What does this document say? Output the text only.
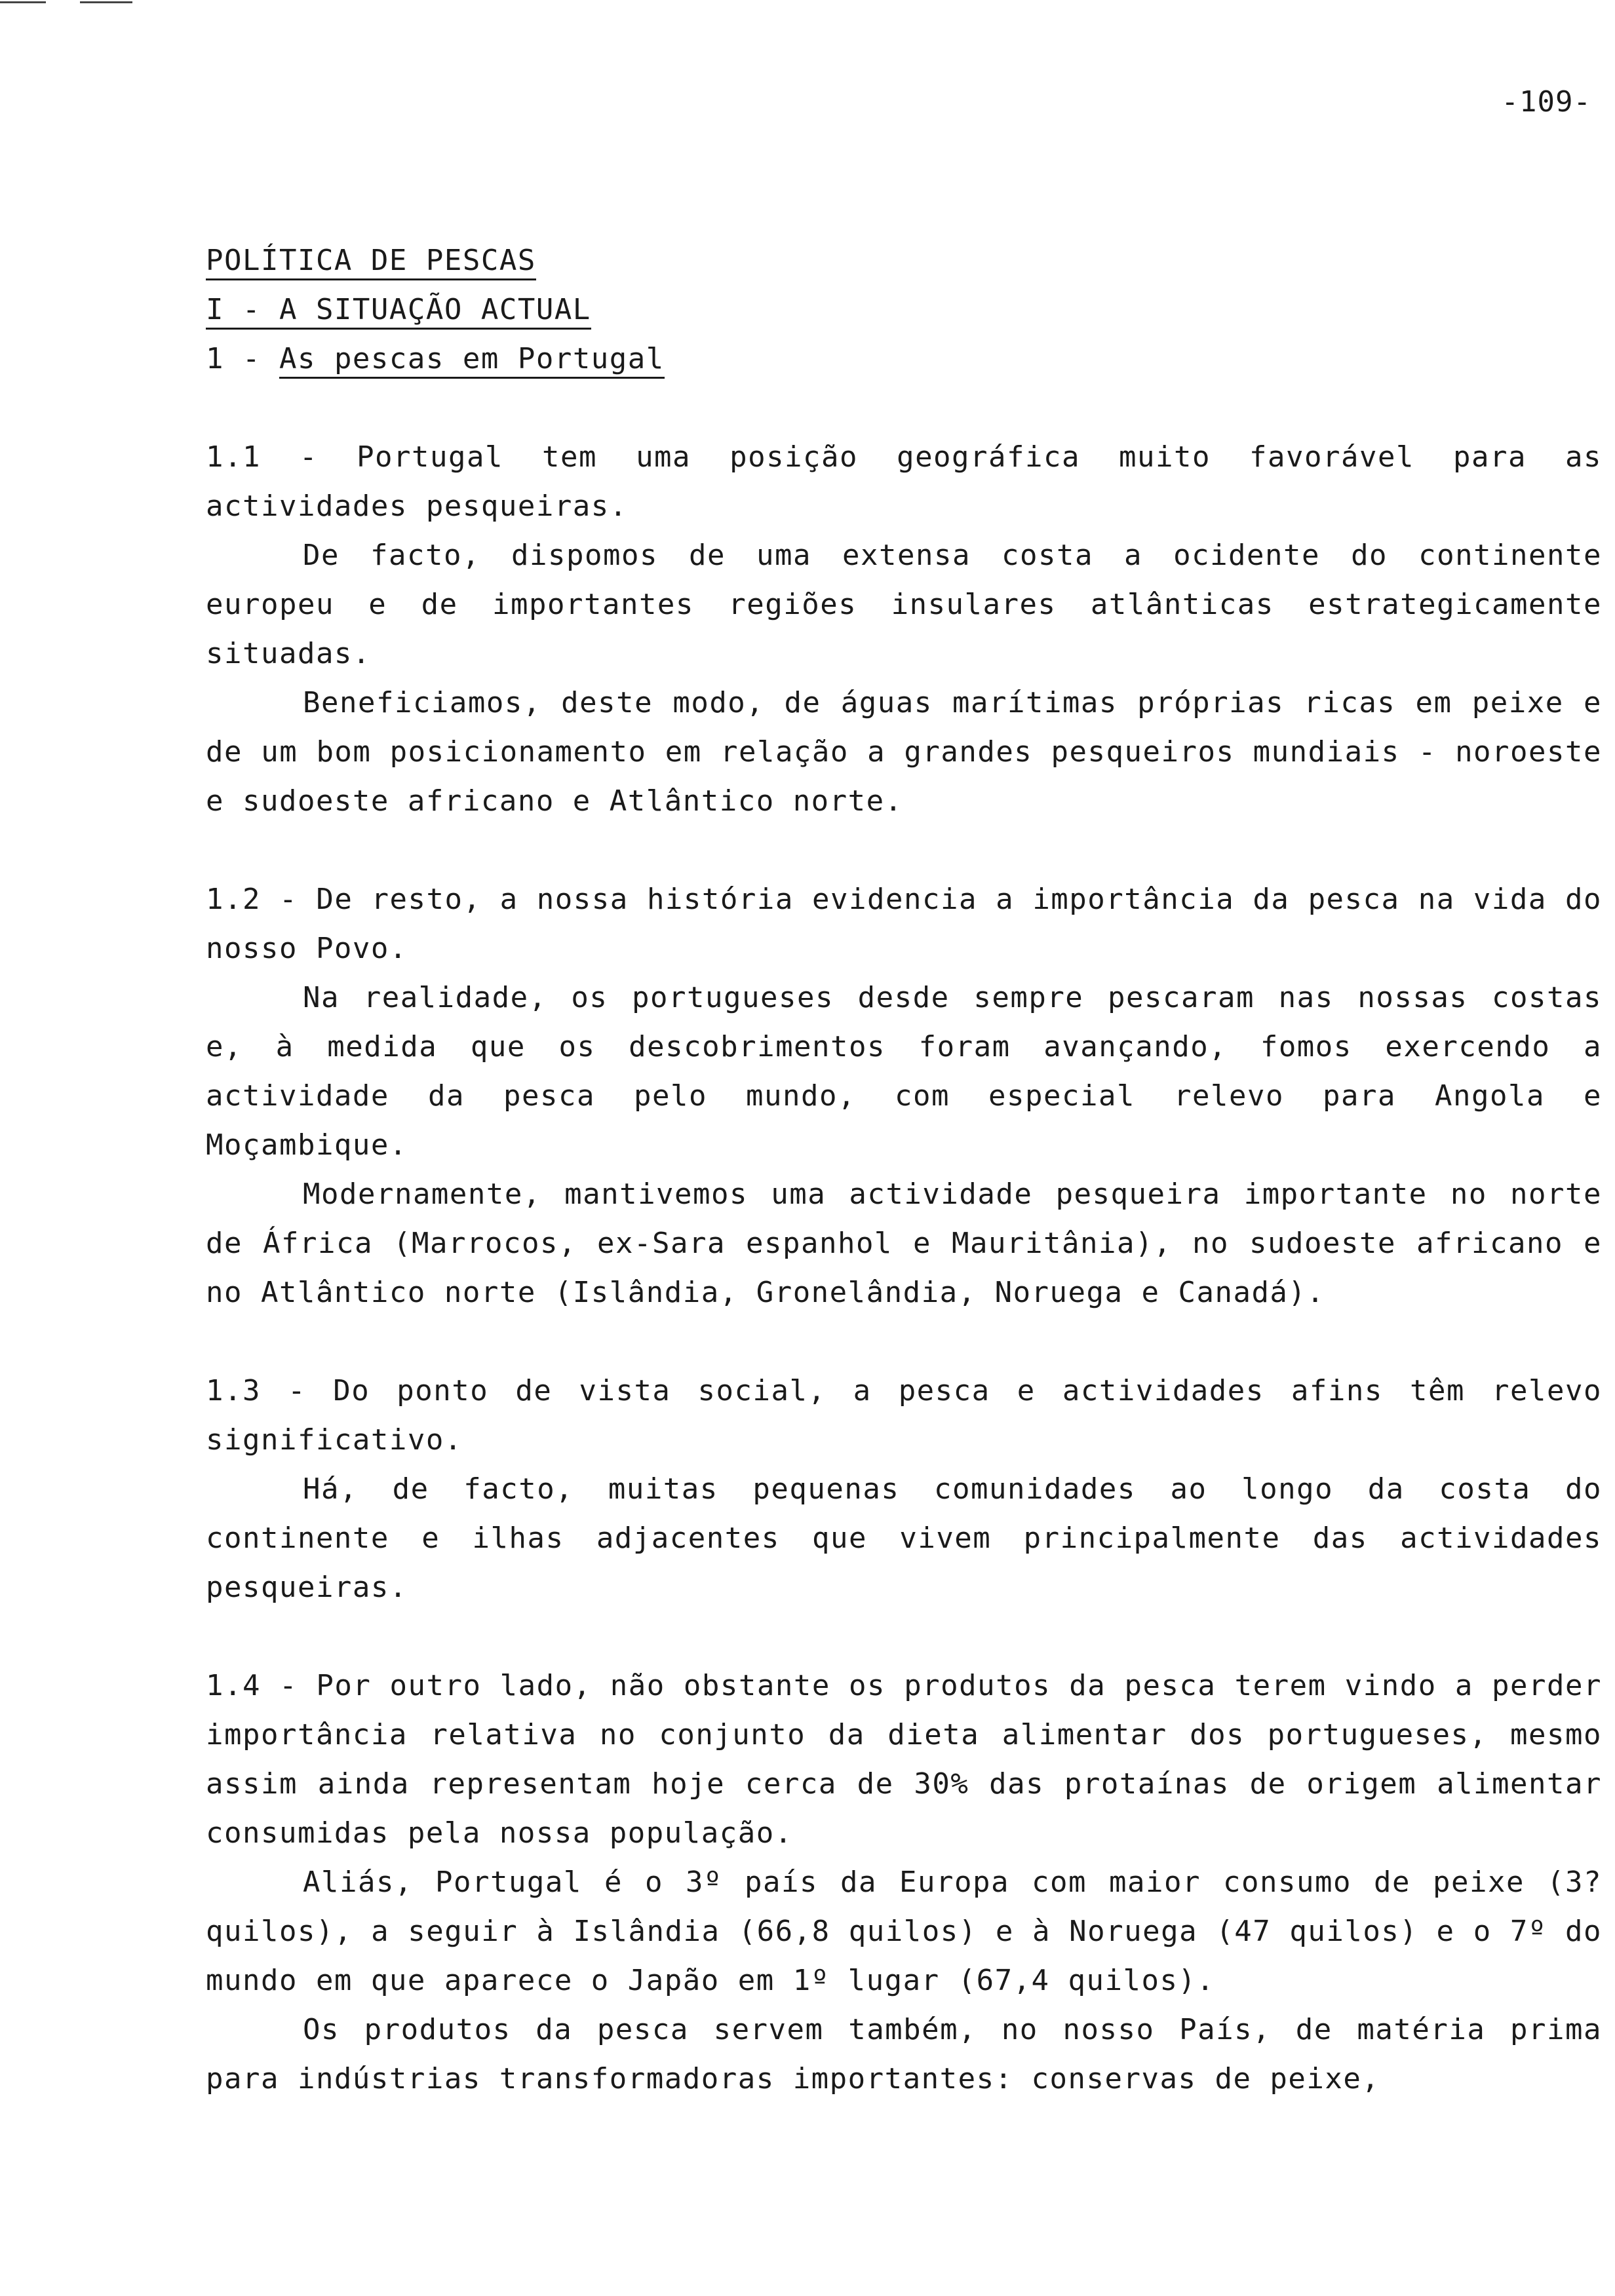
-109-
POLÍTICA DE PESCAS
I - A SITUAÇÃO ACTUAL
1 - As pescas em Portugal

1.1 - Portugal tem uma posição geográfica muito favorável para as actividades pesqueiras.

De facto, dispomos de uma extensa costa a ocidente do continente europeu e de importantes regiões insulares atlânticas estrategicamente situadas.

Beneficiamos, deste modo, de águas marítimas próprias ricas em peixe e de um bom posicionamento em relação a grandes pesqueiros mundiais - noroeste e sudoeste africano e Atlântico norte.

1.2 - De resto, a nossa história evidencia a importância da pesca na vida do nosso Povo.

Na realidade, os portugueses desde sempre pescaram nas nossas costas e, à medida que os descobrimentos foram avançando, fomos exercendo a actividade da pesca pelo mundo, com especial relevo para Angola e Moçambique.

Modernamente, mantivemos uma actividade pesqueira importante no norte de África (Marrocos, ex-Sara espanhol e Mauritânia), no sudoeste africano e no Atlântico norte (Islândia, Gronelândia, Noruega e Canadá).

1.3 - Do ponto de vista social, a pesca e actividades afins têm relevo significativo.

Há, de facto, muitas pequenas comunidades ao longo da costa do continente e ilhas adjacentes que vivem principalmente das actividades pesqueiras.

1.4 - Por outro lado, não obstante os produtos da pesca terem vindo a perder importância relativa no conjunto da dieta alimentar dos portugueses, mesmo assim ainda representam hoje cerca de 30% das protaínas de origem alimentar consumidas pela nossa população.

Aliás, Portugal é o 3º país da Europa com maior consumo de peixe (3? quilos), a seguir à Islândia (66,8 quilos) e à Noruega (47 quilos) e o 7º do mundo em que aparece o Japão em 1º lugar (67,4 quilos).

Os produtos da pesca servem também, no nosso País, de matéria prima para indústrias transformadoras importantes: conservas de peixe,
